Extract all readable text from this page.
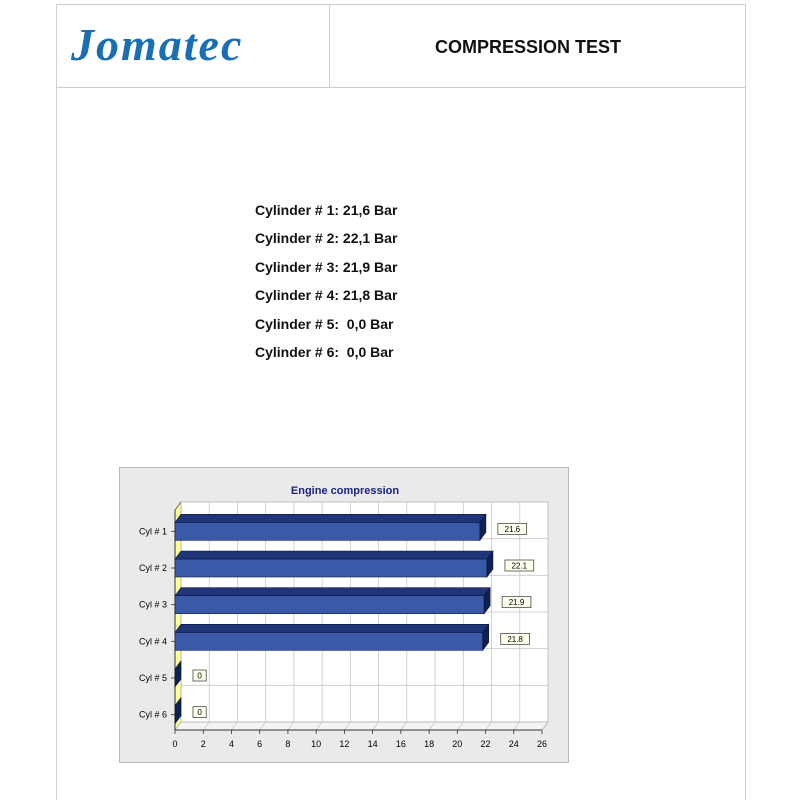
Jomatec	COMPRESSION TEST
Cylinder # 1: 21,6 Bar
Cylinder # 2: 22,1 Bar
Cylinder # 3: 21,9 Bar
Cylinder # 4: 21,8 Bar
Cylinder # 5:  0,0 Bar
Cylinder # 6:  0,0 Bar
Engine compression
0	2	4	6	8 10 12 14 16 18 20 22 24 26
Cyl # 1	21.6
Cyl # 2	22.1
Cyl # 3	21.9
Cyl # 4	21.8
Cyl # 5	0
Cyl # 6	0
